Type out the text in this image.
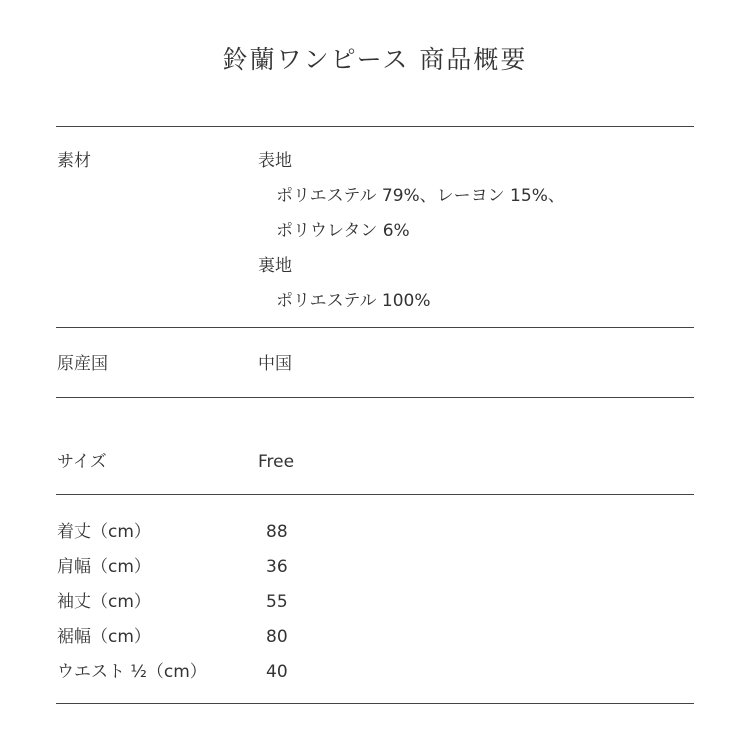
鈴蘭ワンピース 商品概要
素材	表地
ポリエステル 79%、レーヨン 15%、
ポリウレタン 6%
裏地
ポリエステル 100%
原産国	中国
サイズ	Free
着丈（cm）	88
肩幅（cm）	36
袖丈（cm）	55
裾幅（cm）	80
ウエスト ½（cm）	40
